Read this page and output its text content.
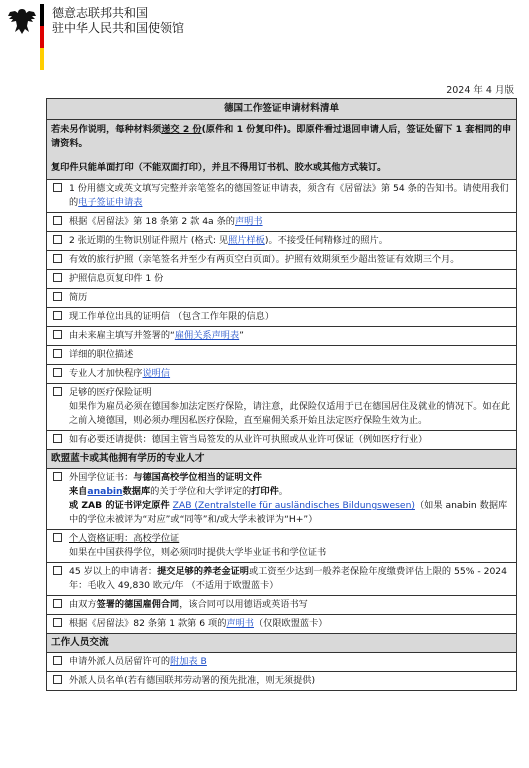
德意志联邦共和国
驻中华人民共和国使领馆
2024 年 4 月版
德国工作签证申请材料清单

若未另作说明，每种材料须递交 2 份(原件和 1 份复印件)。即原件看过退回申请人后，签证处留下 1 套相同的申请资料。

复印件只能单面打印（不能双面打印），并且不得用订书机、胶水或其他方式装订。

1 份用德文或英文填写完整并亲笔签名的德国签证申请表，须含有《居留法》第 54 条的告知书。请使用我们的电子签证申请表
根据《居留法》第 18 条第 2 款 4a 条的声明书
2 张近期的生物识别证件照片 (格式: 见照片样板)。不接受任何精修过的照片。
有效的旅行护照（亲笔签名并至少有两页空白页面）。护照有效期须至少超出签证有效期三个月。
护照信息页复印件 1 份
简历
现工作单位出具的证明信 （包含工作年限的信息）
由未来雇主填写并签署的“雇佣关系声明表”
详细的职位描述
专业人才加快程序说明信
足够的医疗保险证明
如果作为雇员必须在德国参加法定医疗保险，请注意，此保险仅适用于已在德国居住及就业的情况下。如在此之前入境德国，则必须办理因私医疗保险，直至雇佣关系开始且法定医疗保险生效为止。
如有必要还请提供：德国主管当局签发的从业许可执照或从业许可保证（例如医疗行业）
欧盟蓝卡或其他拥有学历的专业人才
外国学位证书：与德国高校学位相当的证明文件
来自anabin数据库的关于学位和大学评定的打印件。
或 ZAB 的证书评定原件 ZAB (Zentralstelle für ausländisches Bildungswesen)（如果 anabin 数据库中的学位未被评为“对应”或“同等”和/或大学未被评为“H+”）
个人资格证明：高校学位证
如果在中国获得学位，则必须同时提供大学毕业证书和学位证书
45 岁以上的申请者：提交足够的养老金证明或工资至少达到一般养老保险年度缴费评估上限的 55% - 2024 年：毛收入 49,830 欧元/年 （不适用于欧盟蓝卡）
由双方签署的德国雇佣合同，该合同可以用德语或英语书写
根据《居留法》82 条第 1 款第 6 项的声明书（仅限欧盟蓝卡）
工作人员交流
申请外派人员居留许可的附加表 B
外派人员名单(若有德国联邦劳动署的预先批准，则无须提供)
